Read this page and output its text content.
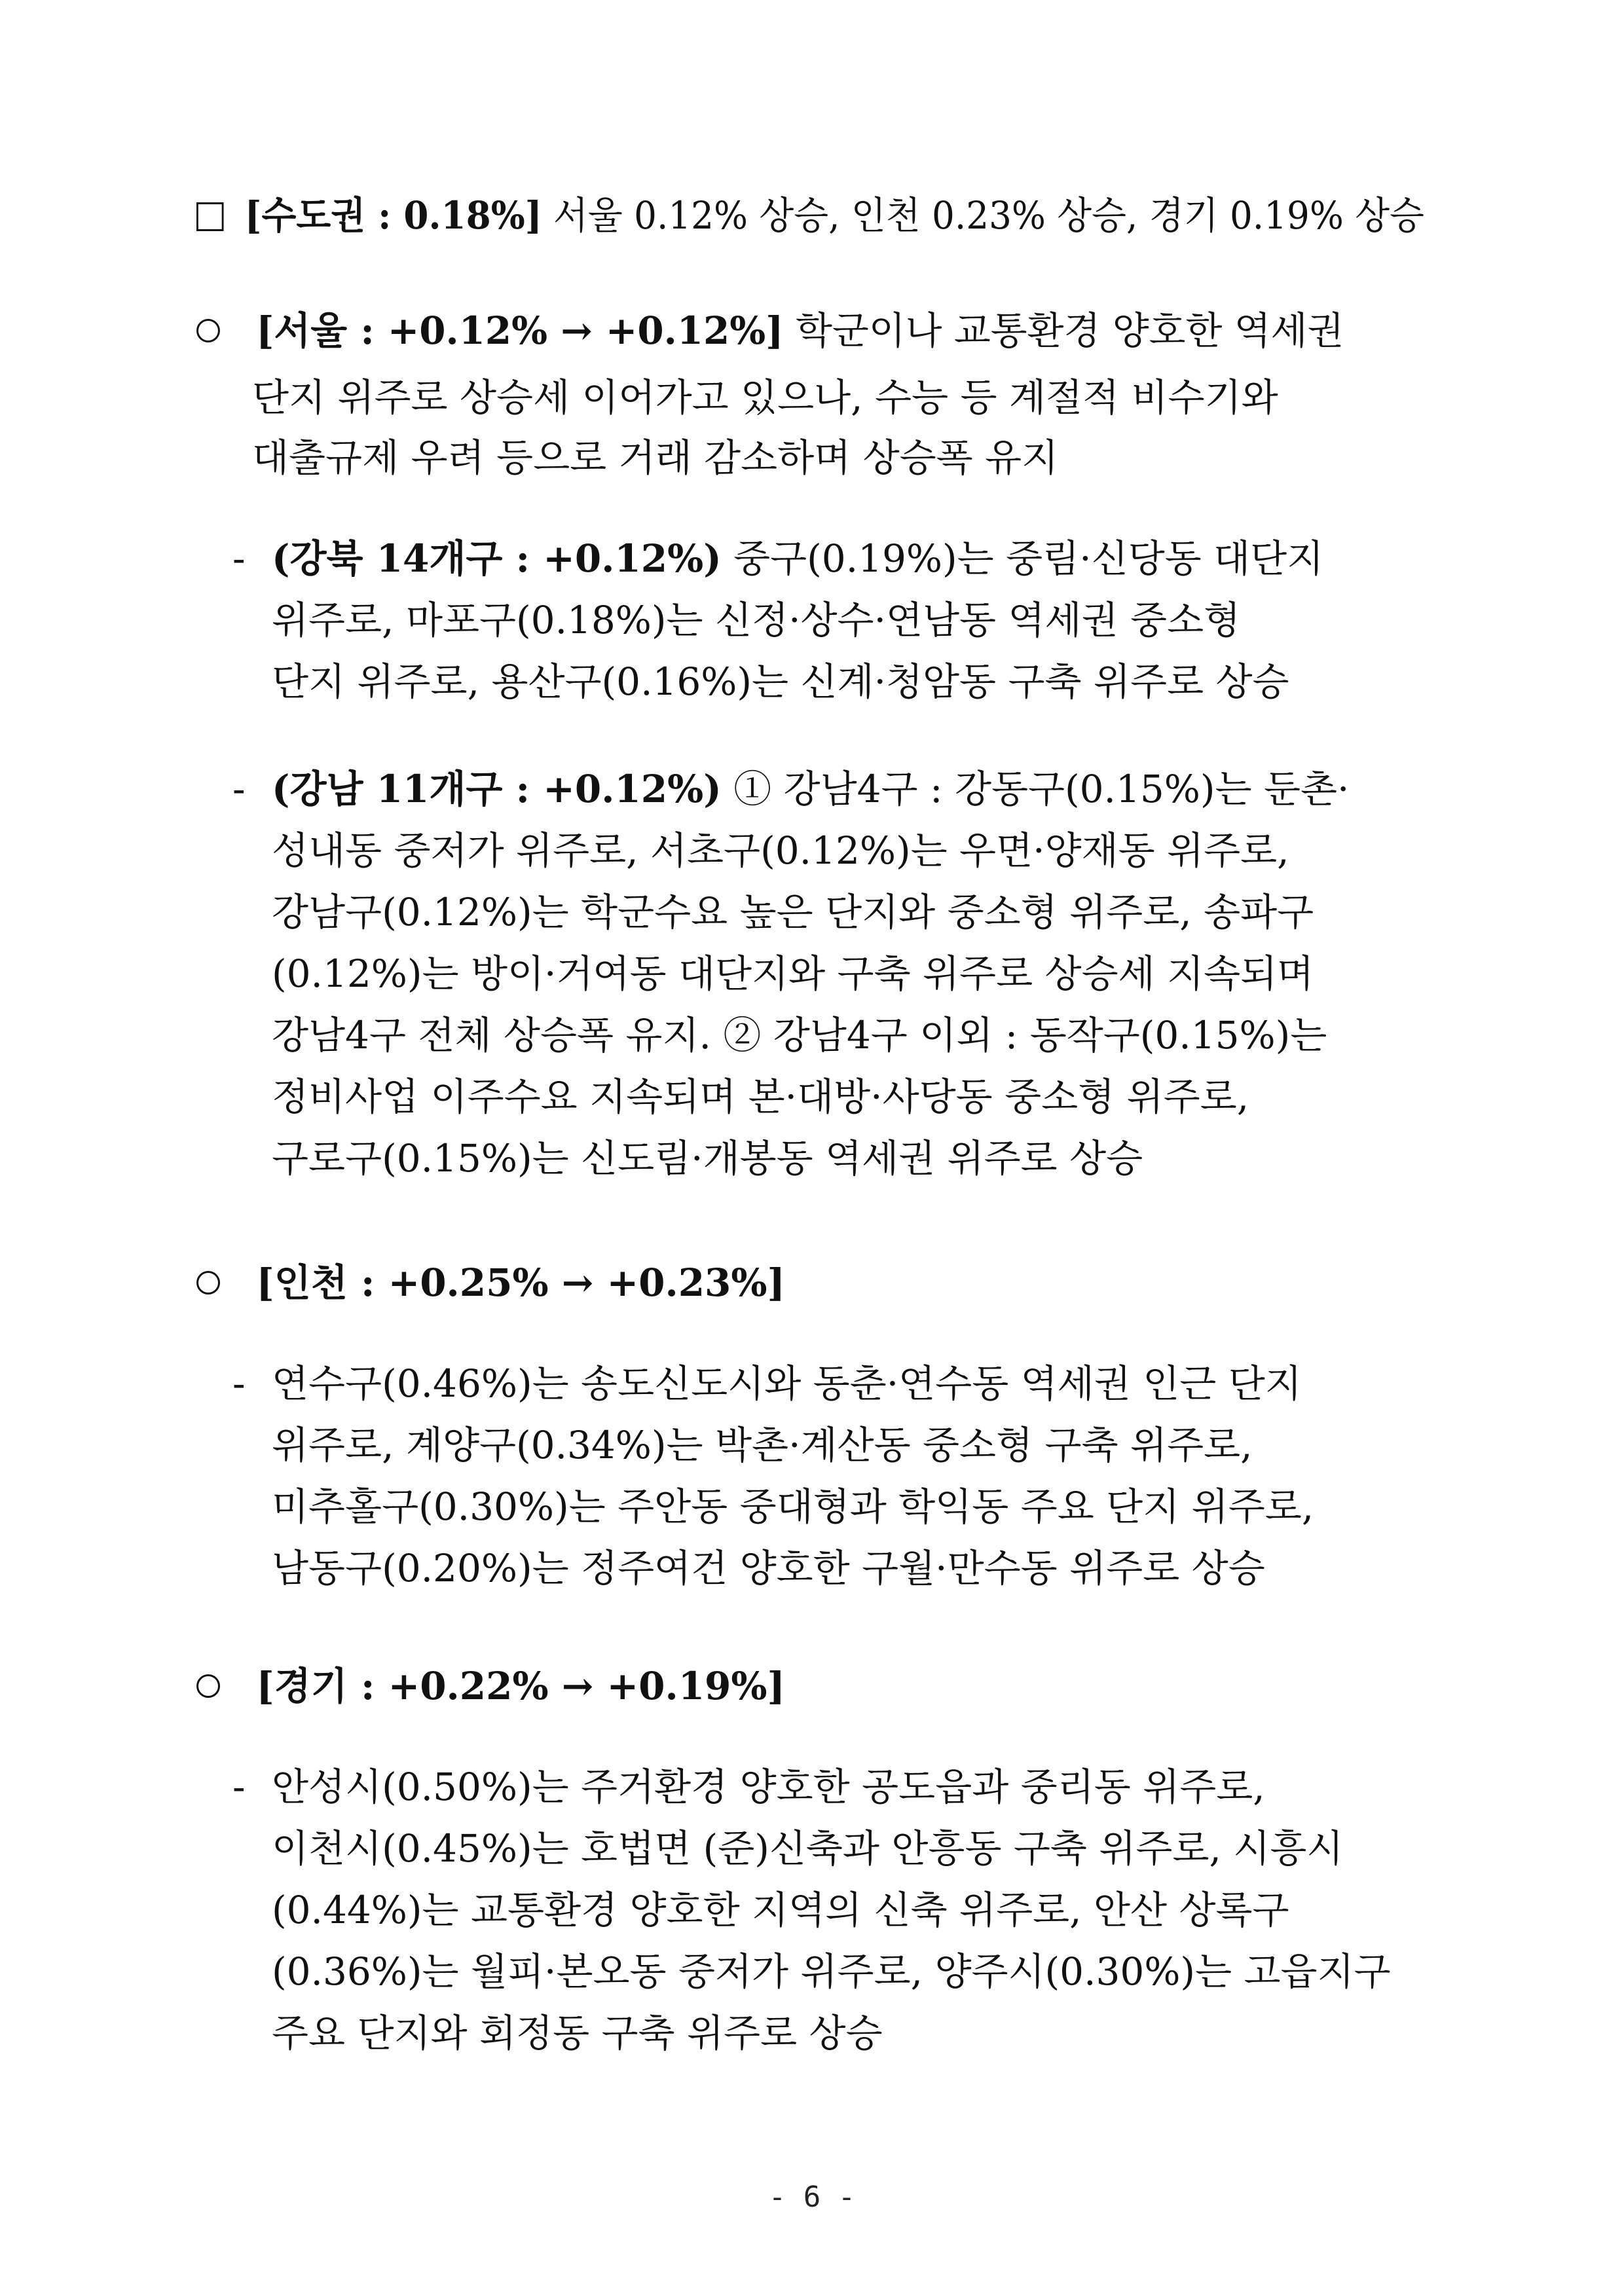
[수도권 : 0.18%] 서울 0.12% 상승, 인천 0.23% 상승, 경기 0.19% 상승
[서울 : +0.12% → +0.12%] 학군이나 교통환경 양호한 역세권
단지 위주로 상승세 이어가고 있으나, 수능 등 계절적 비수기와
대출규제 우려 등으로 거래 감소하며 상승폭 유지
- (강북 14개구 : +0.12%) 중구(0.19%)는 중림·신당동 대단지
위주로, 마포구(0.18%)는 신정·상수·연남동 역세권 중소형
단지 위주로, 용산구(0.16%)는 신계·청암동 구축 위주로 상승
- (강남 11개구 : +0.12%) ① 강남4구 : 강동구(0.15%)는 둔촌·
성내동 중저가 위주로, 서초구(0.12%)는 우면·양재동 위주로,
강남구(0.12%)는 학군수요 높은 단지와 중소형 위주로, 송파구
(0.12%)는 방이·거여동 대단지와 구축 위주로 상승세 지속되며
강남4구 전체 상승폭 유지. ② 강남4구 이외 : 동작구(0.15%)는
정비사업 이주수요 지속되며 본·대방·사당동 중소형 위주로,
구로구(0.15%)는 신도림·개봉동 역세권 위주로 상승
[인천 : +0.25% → +0.23%]
- 연수구(0.46%)는 송도신도시와 동춘·연수동 역세권 인근 단지
위주로, 계양구(0.34%)는 박촌·계산동 중소형 구축 위주로,
미추홀구(0.30%)는 주안동 중대형과 학익동 주요 단지 위주로,
남동구(0.20%)는 정주여건 양호한 구월·만수동 위주로 상승
[경기 : +0.22% → +0.19%]
- 안성시(0.50%)는 주거환경 양호한 공도읍과 중리동 위주로,
이천시(0.45%)는 호법면 (준)신축과 안흥동 구축 위주로, 시흥시
(0.44%)는 교통환경 양호한 지역의 신축 위주로, 안산 상록구
(0.36%)는 월피·본오동 중저가 위주로, 양주시(0.30%)는 고읍지구
주요 단지와 회정동 구축 위주로 상승
- 6 -
